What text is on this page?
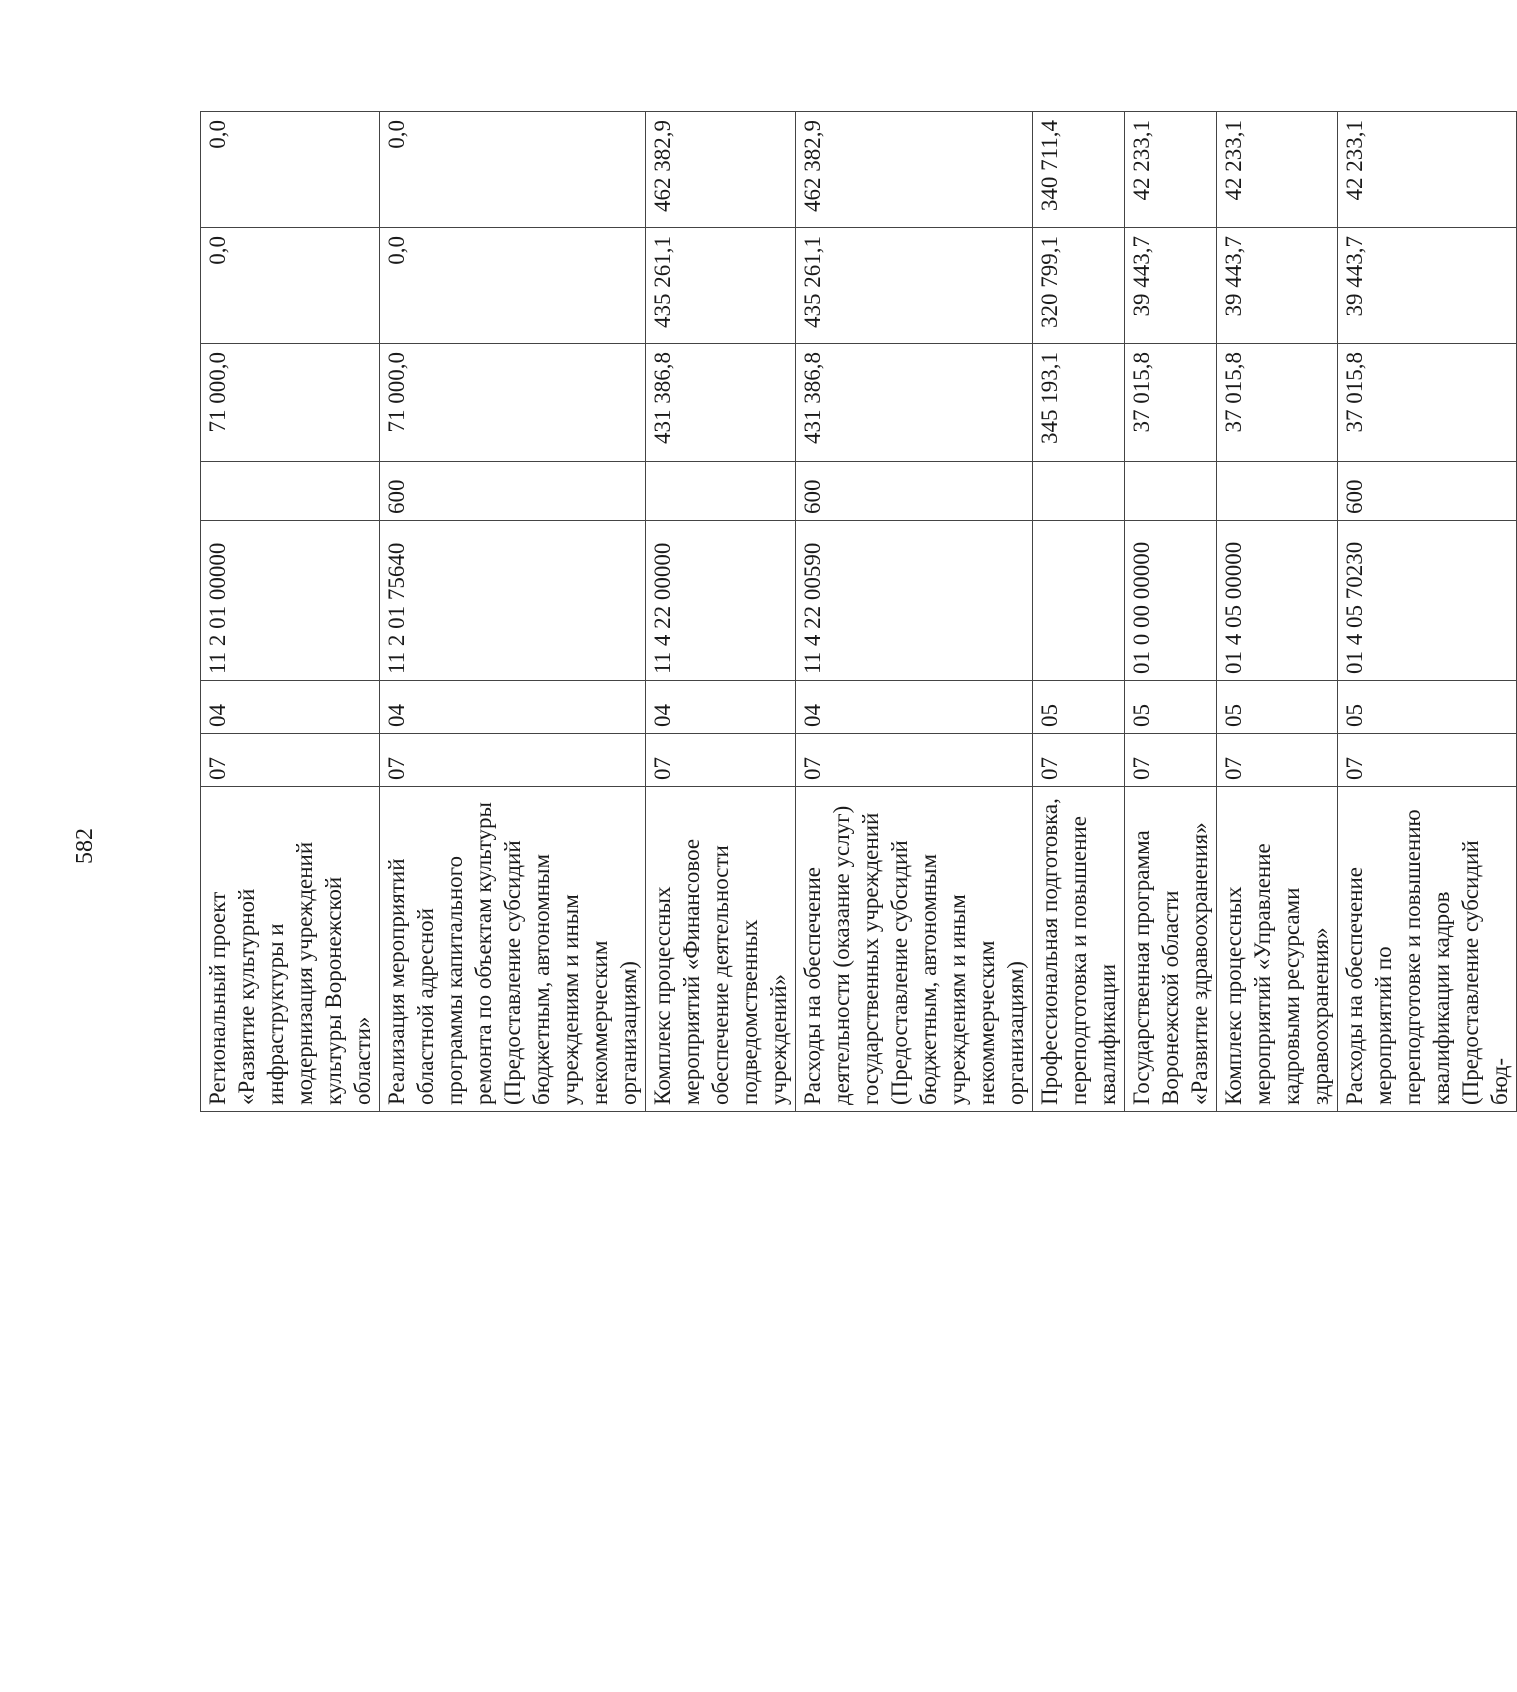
582
Региональный проект «Развитие культурной инфраструктуры и модернизация учреждений культуры Воронежской области»	07	04	11 2 01 00000		71 000,0	0,0	0,0
Реализация мероприятий областной адресной программы капитального ремонта по объектам культуры (Предоставление субсидий бюджетным, автономным учреждениям и иным некоммерческим организациям)	07	04	11 2 01 75640	600	71 000,0	0,0	0,0
Комплекс процессных мероприятий «Финансовое обеспечение деятельности подведомственных учреждений»	07	04	11 4 22 00000		431 386,8	435 261,1	462 382,9
Расходы на обеспечение деятельности (оказание услуг) государственных учреждений (Предоставление субсидий бюджетным, автономным учреждениям и иным некоммерческим организациям)	07	04	11 4 22 00590	600	431 386,8	435 261,1	462 382,9
Профессиональная подготовка, переподготовка и повышение квалификации	07	05			345 193,1	320 799,1	340 711,4
Государственная программа Воронежской области «Развитие здравоохранения»	07	05	01 0 00 00000		37 015,8	39 443,7	42 233,1
Комплекс процессных мероприятий «Управление кадровыми ресурсами здравоохранения»	07	05	01 4 05 00000		37 015,8	39 443,7	42 233,1
Расходы на обеспечение мероприятий по переподготовке и повышению квалификации кадров (Предоставление субсидий бюд-	07	05	01 4 05 70230	600	37 015,8	39 443,7	42 233,1
